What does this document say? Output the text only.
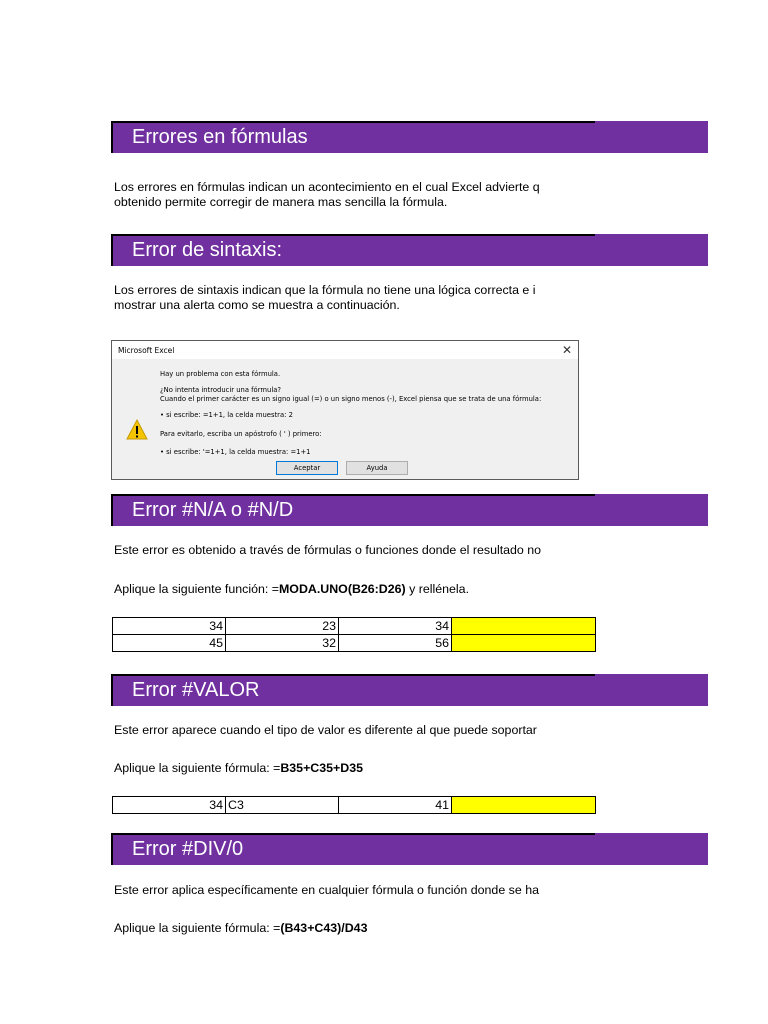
Errores en fórmulas
Los errores en fórmulas indican un acontecimiento en el cual Excel advierte q
obtenido permite corregir de manera mas sencilla la fórmula.
Error de sintaxis:
Los errores de sintaxis indican que la fórmula no tiene una lógica correcta e i
mostrar una alerta como se muestra a continuación.
Microsoft Excel	✕
Hay un problema con esta fórmula.
¿No intenta introducir una fórmula?
Cuando el primer carácter es un signo igual (=) o un signo menos (-), Excel piensa que se trata de una fórmula:
• si escribe: =1+1, la celda muestra: 2
Para evitarlo, escriba un apóstrofo ( ' ) primero:
• si escribe: '=1+1, la celda muestra: =1+1
Aceptar	Ayuda
Error #N/A o #N/D
Este error es obtenido a través de fórmulas o funciones donde el resultado no
Aplique la siguiente función: =MODA.UNO(B26:D26) y rellénela.
34	23	34	
45	32	56	
Error #VALOR
Este error aparece cuando el tipo de valor es diferente al que puede soportar
Aplique la siguiente fórmula: =B35+C35+D35
34	C3	41	
Error #DIV/0
Este error aplica específicamente en cualquier fórmula o función donde se ha
Aplique la siguiente fórmula: =(B43+C43)/D43
